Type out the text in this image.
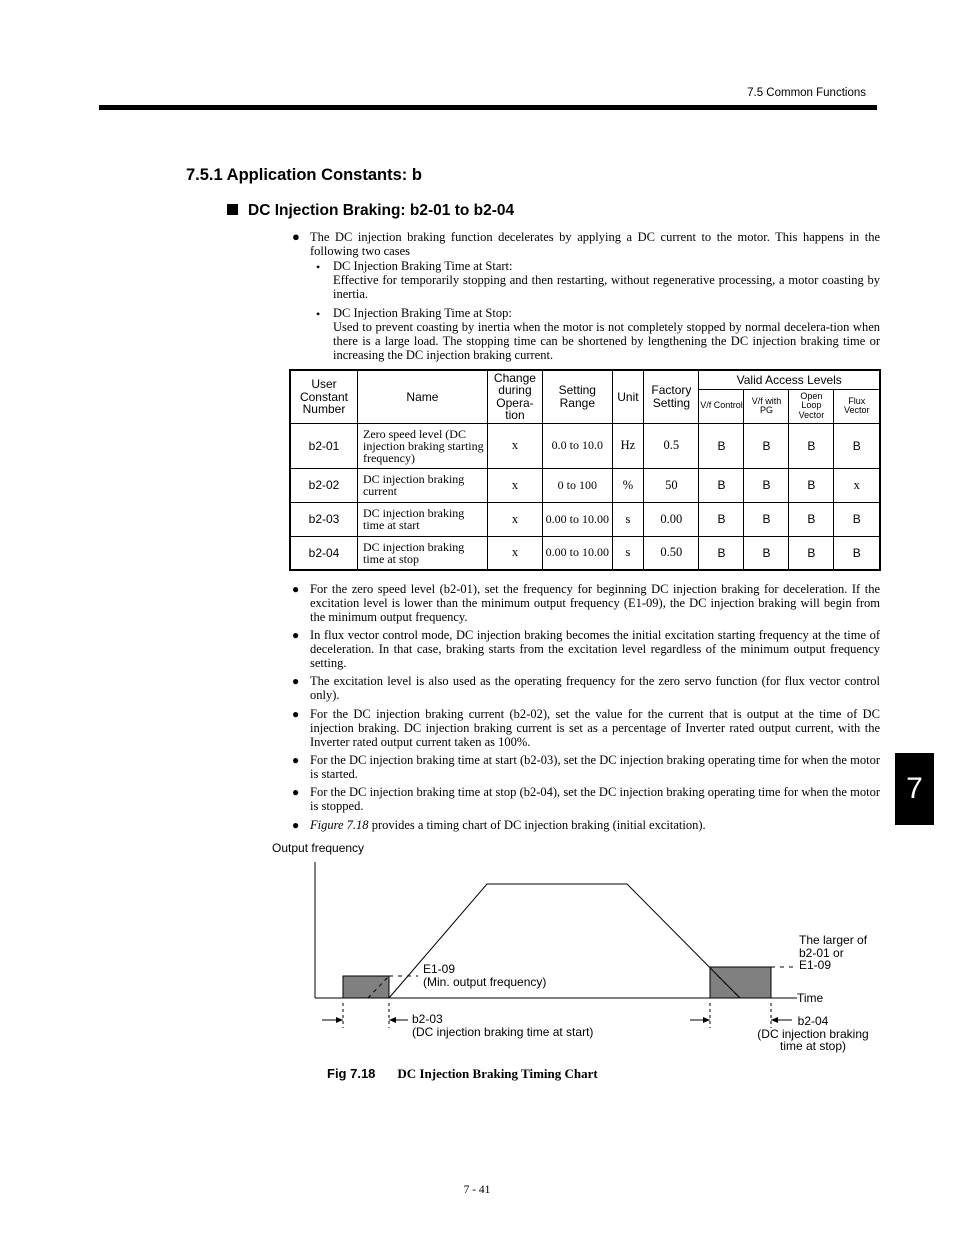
7.5 Common Functions
7.5.1 Application Constants: b
DC Injection Braking: b2-01 to b2-04
● The DC injection braking function decelerates by applying a DC current to the motor. This happens in the following two cases
• DC Injection Braking Time at Start:
Effective for temporarily stopping and then restarting, without regenerative processing, a motor coasting by inertia.
• DC Injection Braking Time at Stop:
Used to prevent coasting by inertia when the motor is not completely stopped by normal decelera-tion when there is a large load. The stopping time can be shortened by lengthening the DC injection braking time or increasing the DC injection braking current.
User Constant Number	Name	Change during Opera-tion	Setting Range	Unit	Factory Setting	Valid Access Levels			
						V/f Control	V/f with PG	Open Loop Vector	Flux Vector
b2-01	Zero speed level (DC injection braking starting frequency)	x	0.0 to 10.0	Hz	0.5	B	B	B	B
b2-02	DC injection braking current	x	0 to 100	%	50	B	B	B	x
b2-03	DC injection braking time at start	x	0.00 to 10.00	s	0.00	B	B	B	B
b2-04	DC injection braking time at stop	x	0.00 to 10.00	s	0.50	B	B	B	B
● For the zero speed level (b2-01), set the frequency for beginning DC injection braking for deceleration. If the excitation level is lower than the minimum output frequency (E1-09), the DC injection braking will begin from the minimum output frequency.
● In flux vector control mode, DC injection braking becomes the initial excitation starting frequency at the time of deceleration. In that case, braking starts from the excitation level regardless of the minimum output frequency setting.
● The excitation level is also used as the operating frequency for the zero servo function (for flux vector control only).
● For the DC injection braking current (b2-02), set the value for the current that is output at the time of DC injection braking. DC injection braking current is set as a percentage of Inverter rated output current, with the Inverter rated output current taken as 100%.
● For the DC injection braking time at start (b2-03), set the DC injection braking operating time for when the motor is started.
● For the DC injection braking time at stop (b2-04), set the DC injection braking operating time for when the motor is stopped.
● Figure 7.18 provides a timing chart of DC injection braking (initial excitation).
Output frequency
E1-09
(Min. output frequency)
The larger of
b2-01 or
E1-09
Time
b2-03
(DC injection braking time at start)
b2-04
(DC injection braking
time at stop)
Fig 7.18 DC Injection Braking Timing Chart
7 - 41
7
